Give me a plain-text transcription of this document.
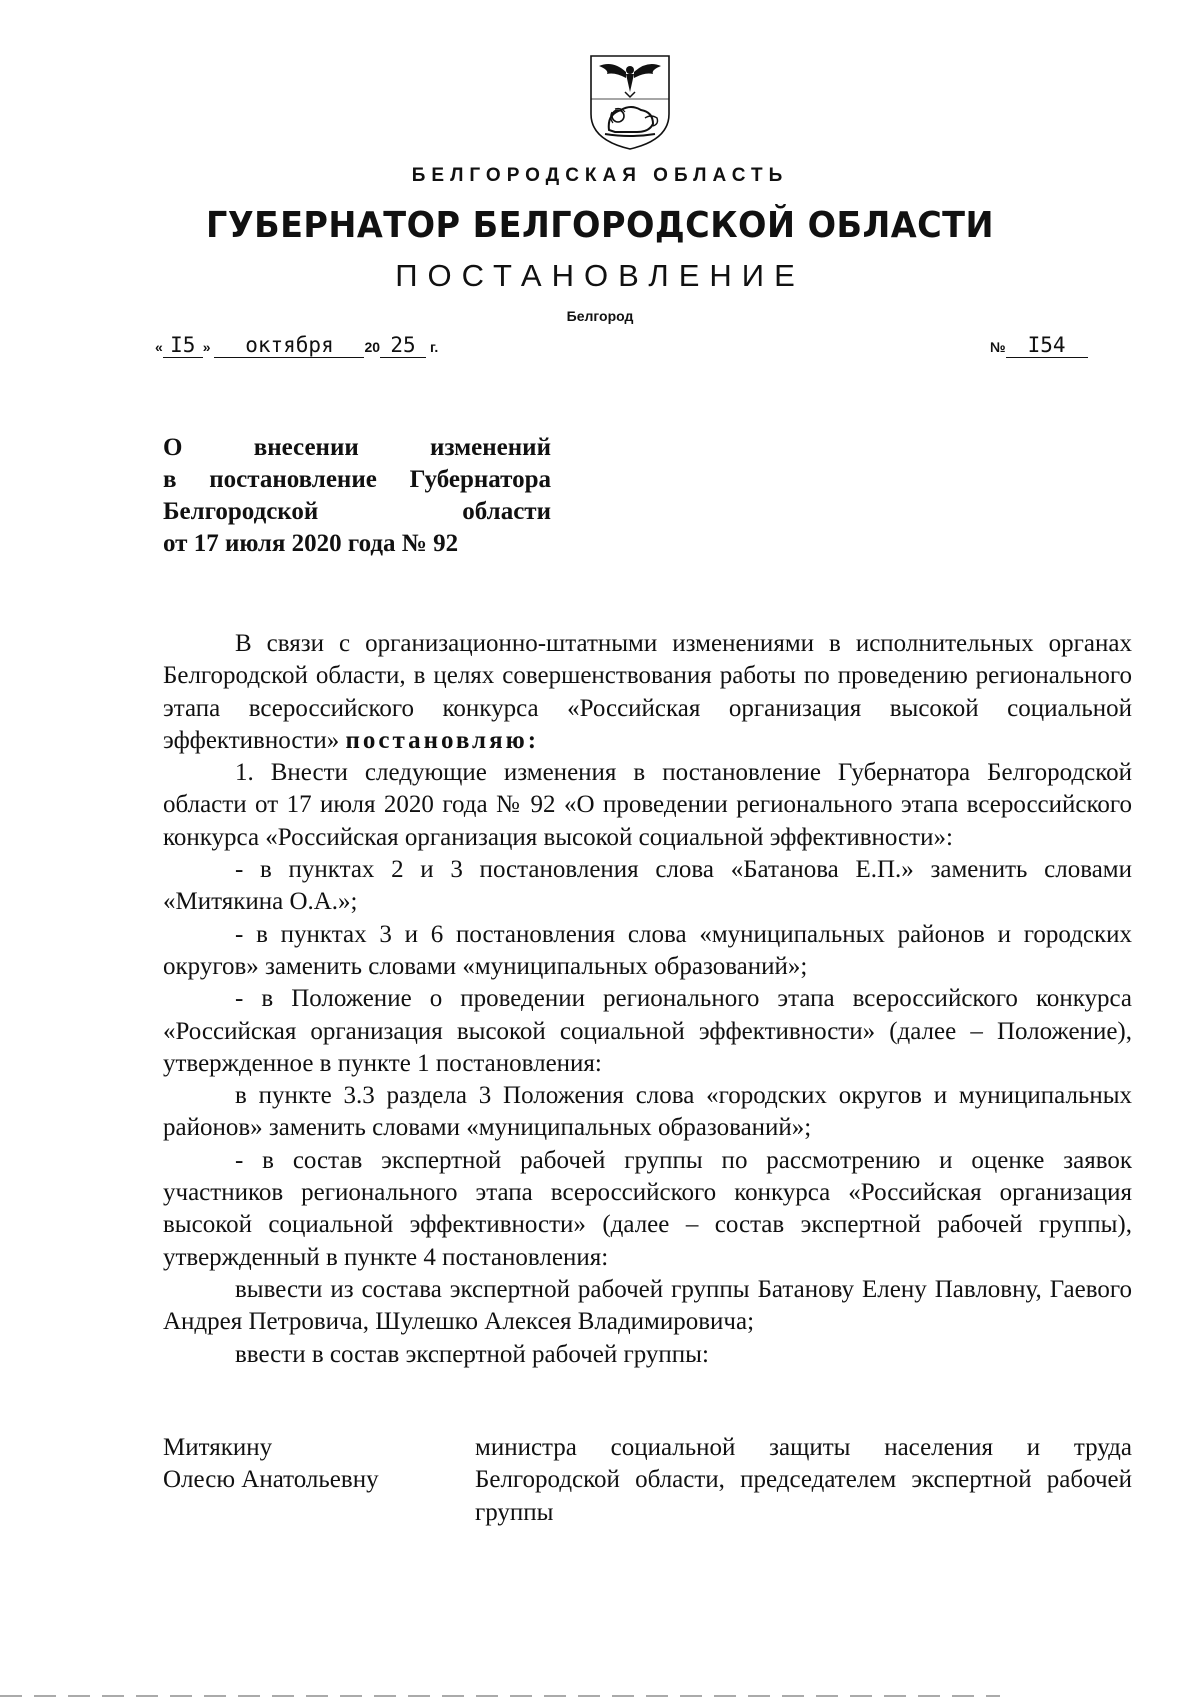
БЕЛГОРОДСКАЯ ОБЛАСТЬ
ГУБЕРНАТОР БЕЛГОРОДСКОЙ ОБЛАСТИ
ПОСТАНОВЛЕНИЕ
Белгород
« I5 » октября 20 25 г.	№ I54
О внесении изменений
в постановление Губернатора
Белгородской области
от 17 июля 2020 года № 92

В связи с организационно-штатными изменениями в исполнительных органах Белгородской области, в целях совершенствования работы по проведению регионального этапа всероссийского конкурса «Российская организация высокой социальной эффективности» постановляю:

1. Внести следующие изменения в постановление Губернатора Белгородской области от 17 июля 2020 года № 92 «О проведении регионального этапа всероссийского конкурса «Российская организация высокой социальной эффективности»:

- в пунктах 2 и 3 постановления слова «Батанова Е.П.» заменить словами «Митякина О.А.»;

- в пунктах 3 и 6 постановления слова «муниципальных районов и городских округов» заменить словами «муниципальных образований»;

- в Положение о проведении регионального этапа всероссийского конкурса «Российская организация высокой социальной эффективности» (далее – Положение), утвержденное в пункте 1 постановления:

в пункте 3.3 раздела 3 Положения слова «городских округов и муниципальных районов» заменить словами «муниципальных образований»;

- в состав экспертной рабочей группы по рассмотрению и оценке заявок участников регионального этапа всероссийского конкурса «Российская организация высокой социальной эффективности» (далее – состав экспертной рабочей группы), утвержденный в пункте 4 постановления:

вывести из состава экспертной рабочей группы Батанову Елену Павловну, Гаевого Андрея Петровича, Шулешко Алексея Владимировича;

ввести в состав экспертной рабочей группы:

Митякину
Олесю Анатольевну
министра социальной защиты населения и труда Белгородской области, председателем экспертной рабочей группы
